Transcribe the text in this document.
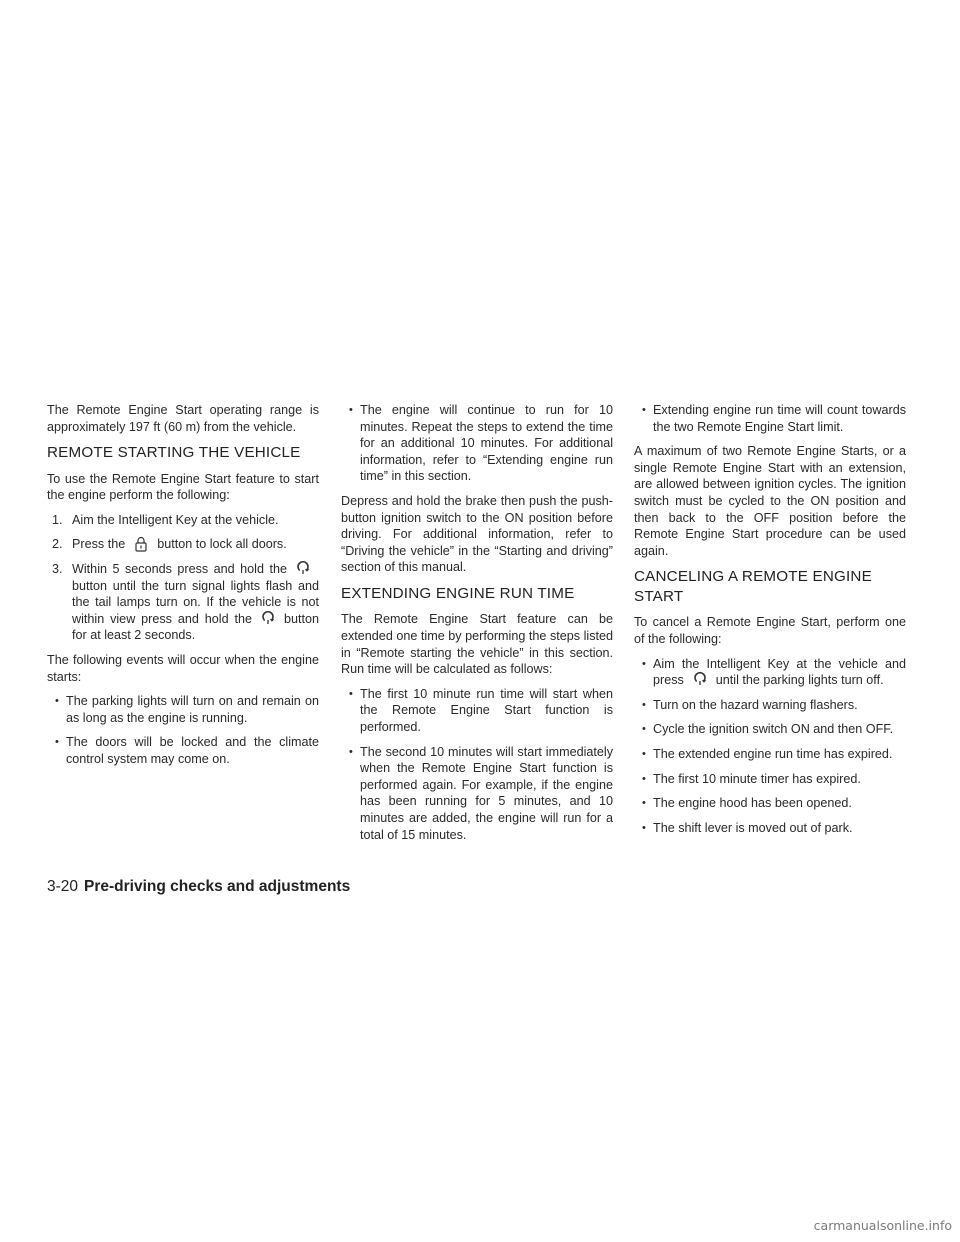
The Remote Engine Start operating range is approximately 197 ft (60 m) from the vehicle.

REMOTE STARTING THE VEHICLE

To use the Remote Engine Start feature to start the engine perform the following:

1. Aim the Intelligent Key at the vehicle.
2. Press the	button to lock all doors.
3. Within 5 seconds press and hold the
button until the turn signal lights flash and the tail lamps turn on. If the vehicle is not within view press and hold the	button for at least 2 seconds.

The following events will occur when the engine starts:

• The parking lights will turn on and remain on as long as the engine is running.
• The doors will be locked and the climate control system may come on.
• The engine will continue to run for 10 minutes. Repeat the steps to extend the time for an additional 10 minutes. For additional information, refer to “Extending engine run time” in this section.

Depress and hold the brake then push the push-button ignition switch to the ON position before driving. For additional information, refer to “Driving the vehicle” in the “Starting and driving” section of this manual.

EXTENDING ENGINE RUN TIME

The Remote Engine Start feature can be extended one time by performing the steps listed in “Remote starting the vehicle” in this section. Run time will be calculated as follows:

• The first 10 minute run time will start when the Remote Engine Start function is performed.
• The second 10 minutes will start immediately when the Remote Engine Start function is performed again. For example, if the engine has been running for 5 minutes, and 10 minutes are added, the engine will run for a total of 15 minutes.
• Extending engine run time will count towards the two Remote Engine Start limit.

A maximum of two Remote Engine Starts, or a single Remote Engine Start with an extension, are allowed between ignition cycles. The ignition switch must be cycled to the ON position and then back to the OFF position before the Remote Engine Start procedure can be used again.

CANCELING A REMOTE ENGINE
START

To cancel a Remote Engine Start, perform one of the following:

• Aim the Intelligent Key at the vehicle and press	until the parking lights turn off.
• Turn on the hazard warning flashers.
• Cycle the ignition switch ON and then OFF.
• The extended engine run time has expired.
• The first 10 minute timer has expired.
• The engine hood has been opened.
• The shift lever is moved out of park.
3-20 Pre-driving checks and adjustments
carmanualsonline.info
